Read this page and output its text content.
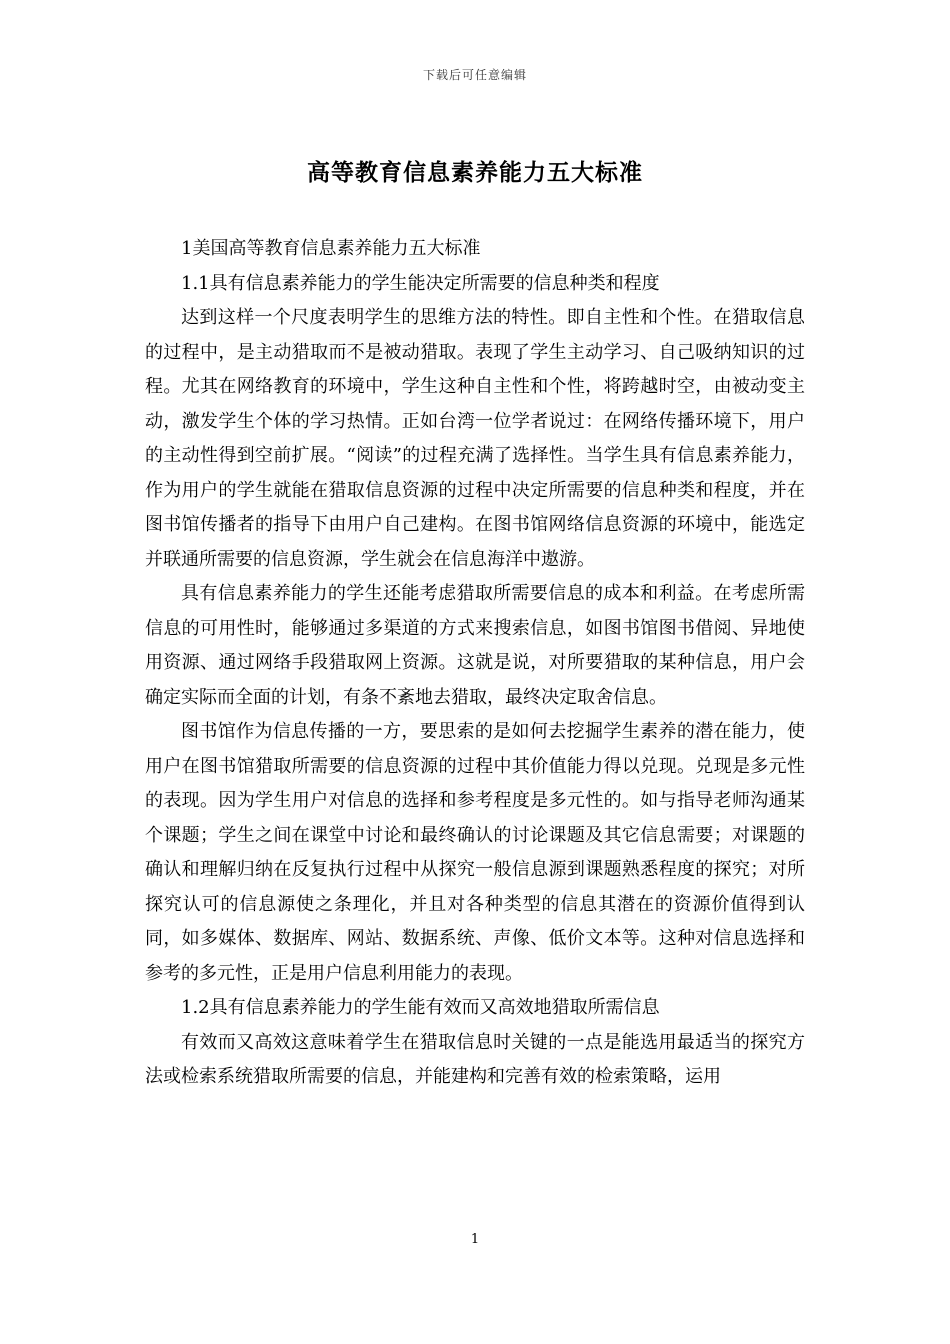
下载后可任意编辑
高等教育信息素养能力五大标准

1美国高等教育信息素养能力五大标准

1.1具有信息素养能力的学生能决定所需要的信息种类和程度

达到这样一个尺度表明学生的思维方法的特性。即自主性和个性。在猎取信息的过程中，是主动猎取而不是被动猎取。表现了学生主动学习、自己吸纳知识的过程。尤其在网络教育的环境中，学生这种自主性和个性，将跨越时空，由被动变主动，激发学生个体的学习热情。正如台湾一位学者说过：在网络传播环境下，用户的主动性得到空前扩展。“阅读”的过程充满了选择性。当学生具有信息素养能力，作为用户的学生就能在猎取信息资源的过程中决定所需要的信息种类和程度，并在图书馆传播者的指导下由用户自己建构。在图书馆网络信息资源的环境中，能选定并联通所需要的信息资源，学生就会在信息海洋中遨游。

具有信息素养能力的学生还能考虑猎取所需要信息的成本和利益。在考虑所需信息的可用性时，能够通过多渠道的方式来搜索信息，如图书馆图书借阅、异地使用资源、通过网络手段猎取网上资源。这就是说，对所要猎取的某种信息，用户会确定实际而全面的计划，有条不紊地去猎取，最终决定取舍信息。

图书馆作为信息传播的一方，要思索的是如何去挖掘学生素养的潜在能力，使用户在图书馆猎取所需要的信息资源的过程中其价值能力得以兑现。兑现是多元性的表现。因为学生用户对信息的选择和参考程度是多元性的。如与指导老师沟通某个课题；学生之间在课堂中讨论和最终确认的讨论课题及其它信息需要；对课题的确认和理解归纳在反复执行过程中从探究一般信息源到课题熟悉程度的探究；对所探究认可的信息源使之条理化，并且对各种类型的信息其潜在的资源价值得到认同，如多媒体、数据库、网站、数据系统、声像、低价文本等。这种对信息选择和参考的多元性，正是用户信息利用能力的表现。

1.2具有信息素养能力的学生能有效而又高效地猎取所需信息

有效而又高效这意味着学生在猎取信息时关键的一点是能选用最适当的探究方法或检索系统猎取所需要的信息，并能建构和完善有效的检索策略，运用

1
